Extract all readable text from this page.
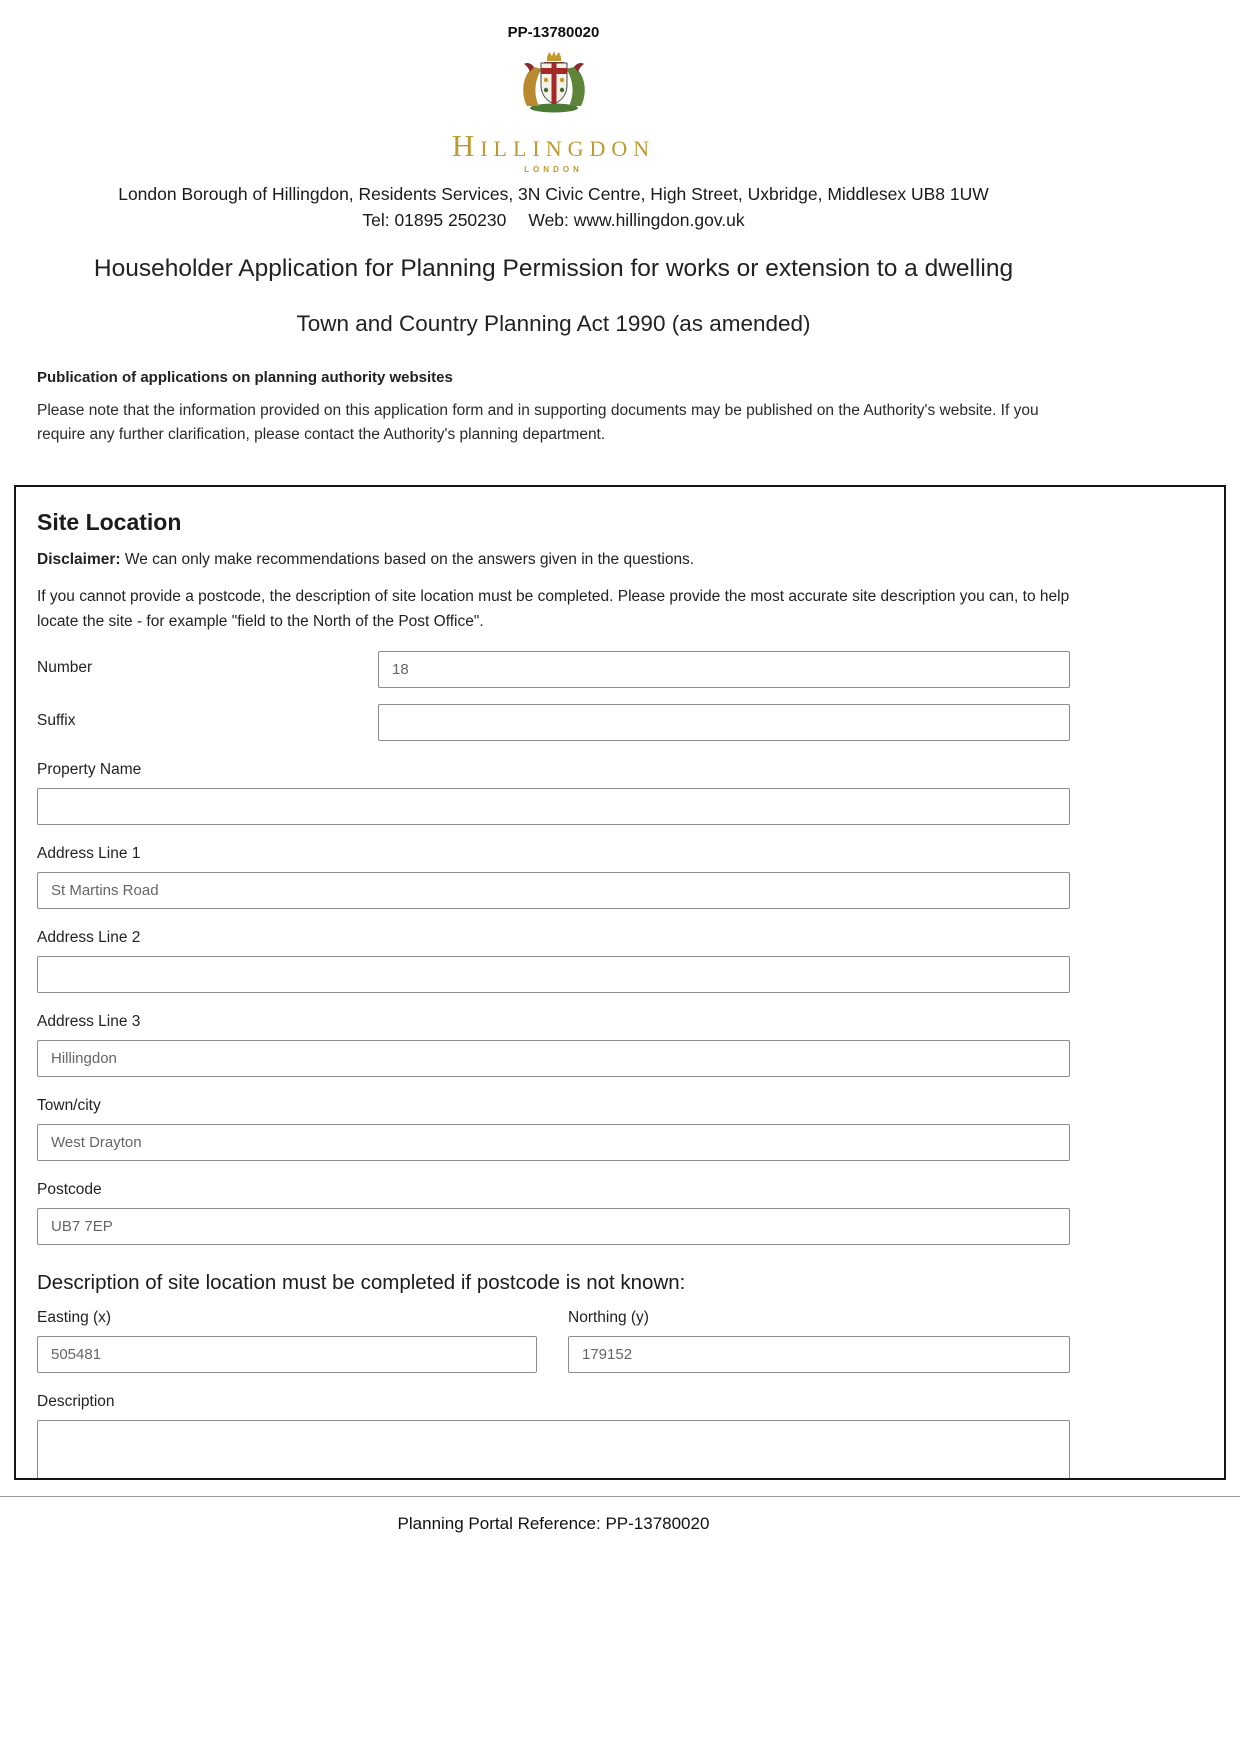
PP-13780020
Hillingdon
LONDON
London Borough of Hillingdon, Residents Services, 3N Civic Centre, High Street, Uxbridge, Middlesex UB8 1UW
Tel: 01895 250230 Web: www.hillingdon.gov.uk
Householder Application for Planning Permission for works or extension to a dwelling
Town and Country Planning Act 1990 (as amended)
Publication of applications on planning authority websites
Please note that the information provided on this application form and in supporting documents may be published on the Authority's website. If you require any further clarification, please contact the Authority's planning department.
Site Location
Disclaimer: We can only make recommendations based on the answers given in the questions.
If you cannot provide a postcode, the description of site location must be completed. Please provide the most accurate site description you can, to help locate the site - for example "field to the North of the Post Office".
Number
18
Suffix
Property Name
Address Line 1
St Martins Road
Address Line 2
Address Line 3
Hillingdon
Town/city
West Drayton
Postcode
UB7 7EP
Description of site location must be completed if postcode is not known:
Easting (x)
505481	Northing (y)
179152
Description
Planning Portal Reference: PP-13780020
